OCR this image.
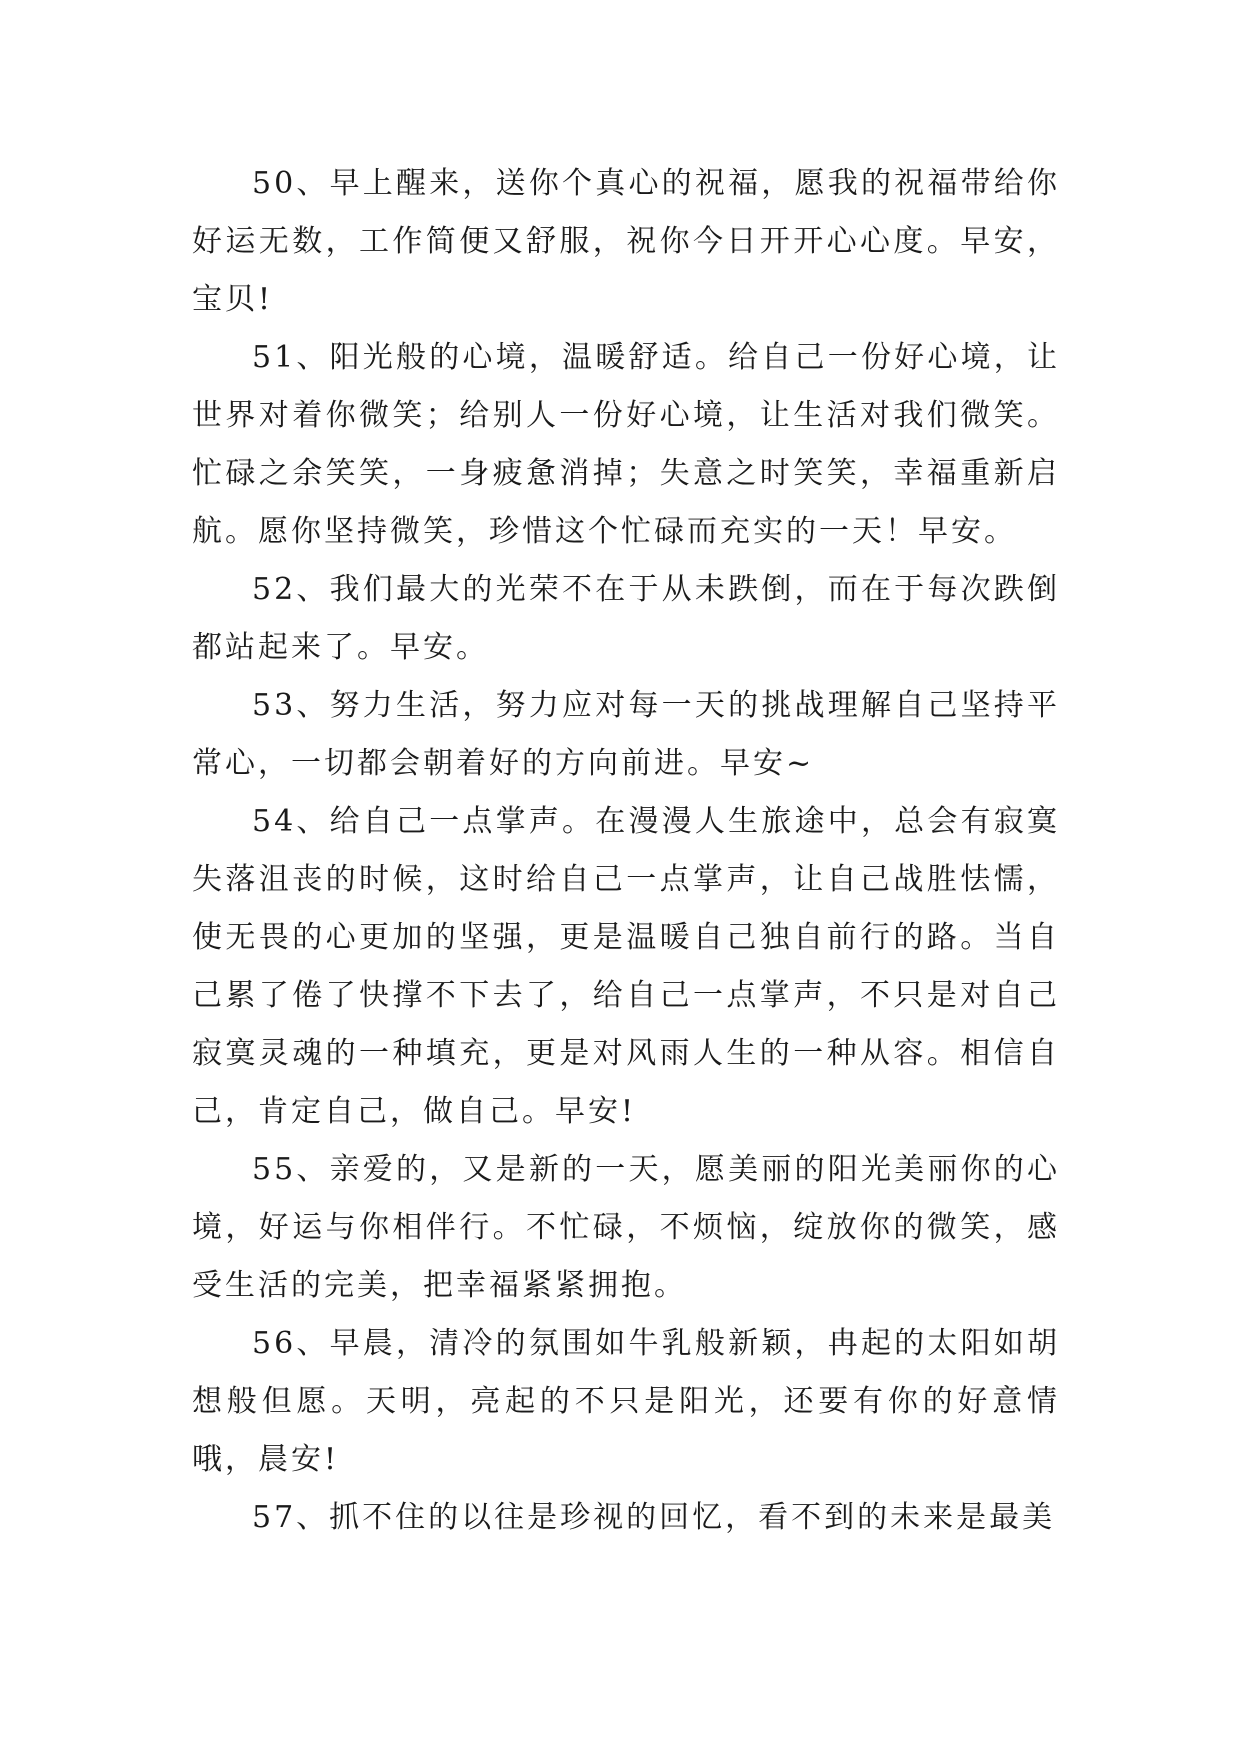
50、早上醒来，送你个真心的祝福，愿我的祝福带给你好运无数，工作简便又舒服，祝你今日开开心心度。早安，宝贝!

51、阳光般的心境，温暖舒适。给自己一份好心境，让世界对着你微笑；给别人一份好心境，让生活对我们微笑。忙碌之余笑笑，一身疲惫消掉；失意之时笑笑，幸福重新启航。愿你坚持微笑，珍惜这个忙碌而充实的一天！早安。

52、我们最大的光荣不在于从未跌倒，而在于每次跌倒都站起来了。早安。

53、努力生活，努力应对每一天的挑战理解自己坚持平常心，一切都会朝着好的方向前进。早安~

54、给自己一点掌声。在漫漫人生旅途中，总会有寂寞失落沮丧的时候，这时给自己一点掌声，让自己战胜怯懦，使无畏的心更加的坚强，更是温暖自己独自前行的路。当自己累了倦了快撑不下去了，给自己一点掌声，不只是对自己寂寞灵魂的一种填充，更是对风雨人生的一种从容。相信自己，肯定自己，做自己。早安!

55、亲爱的，又是新的一天，愿美丽的阳光美丽你的心境，好运与你相伴行。不忙碌，不烦恼，绽放你的微笑，感受生活的完美，把幸福紧紧拥抱。

56、早晨，清冷的氛围如牛乳般新颖，冉起的太阳如胡想般但愿。天明，亮起的不只是阳光，还要有你的好意情哦，晨安!

57、抓不住的以往是珍视的回忆，看不到的未来是最美
